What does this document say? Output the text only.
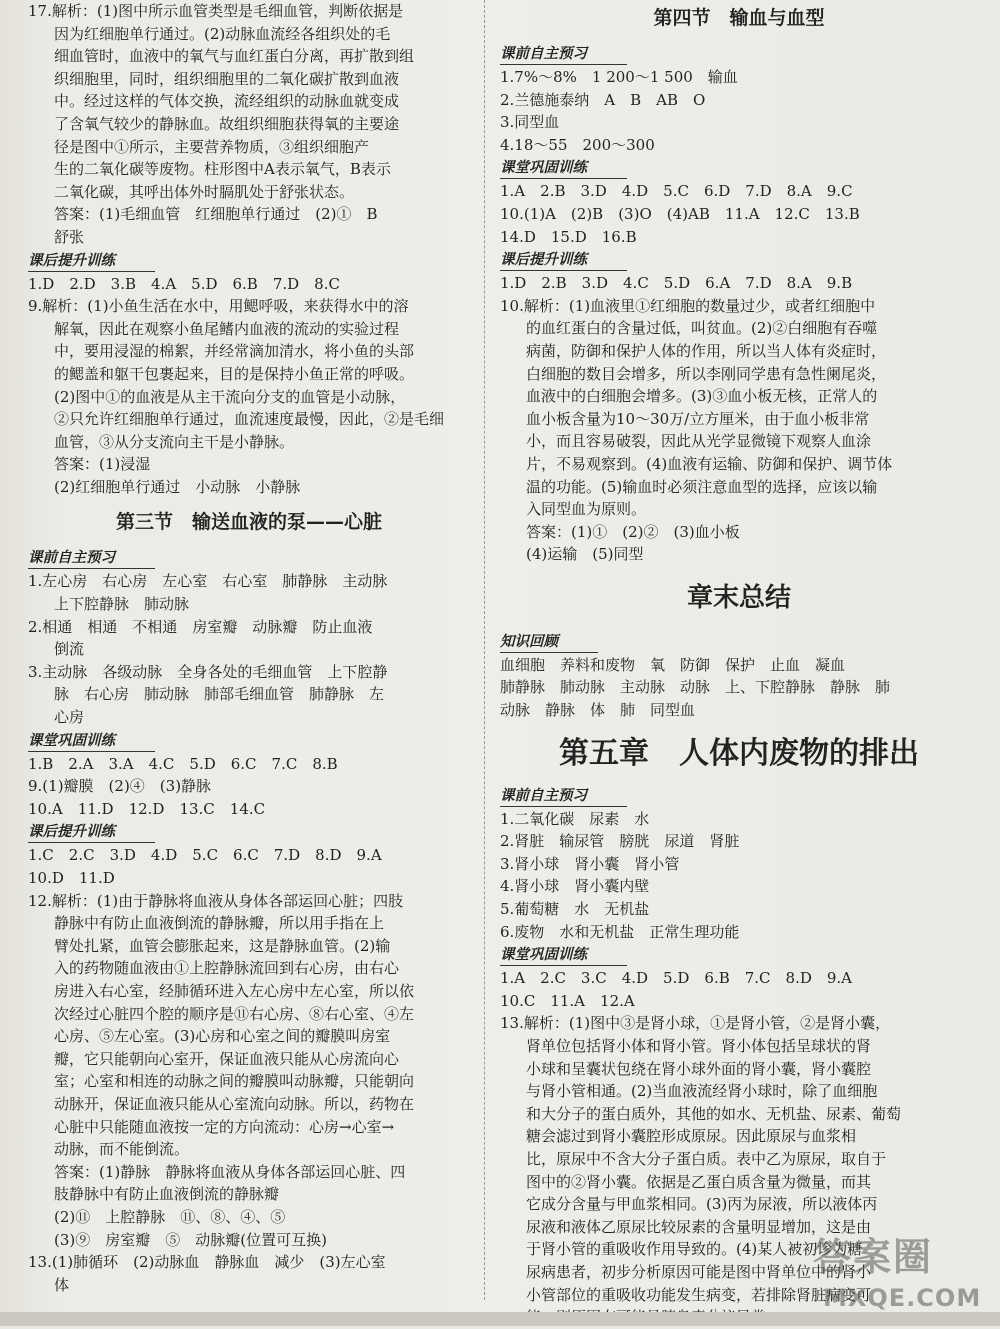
17.解析：(1)图中所示血管类型是毛细血管，判断依据是

因为红细胞单行通过。(2)动脉血流经各组织处的毛

细血管时，血液中的氧气与血红蛋白分离，再扩散到组

织细胞里，同时，组织细胞里的二氧化碳扩散到血液

中。经过这样的气体交换，流经组织的动脉血就变成

了含氧气较少的静脉血。故组织细胞获得氧的主要途

径是图中①所示，主要营养物质，③组织细胞产

生的二氧化碳等废物。柱形图中A表示氧气，B表示

二氧化碳，其呼出体外时膈肌处于舒张状态。

答案：(1)毛细血管　红细胞单行通过　(2)①　B

舒张

课后提升训练

1.D　2.D　3.B　4.A　5.D　6.B　7.D　8.C

9.解析：(1)小鱼生活在水中，用鳃呼吸，来获得水中的溶

解氧，因此在观察小鱼尾鳍内血液的流动的实验过程

中，要用浸湿的棉絮，并经常滴加清水，将小鱼的头部

的鳃盖和躯干包裹起来，目的是保持小鱼正常的呼吸。

(2)图中①的血液是从主干流向分支的血管是小动脉，

②只允许红细胞单行通过，血流速度最慢，因此，②是毛细

血管，③从分支流向主干是小静脉。

答案：(1)浸湿

(2)红细胞单行通过　小动脉　小静脉

第三节　输送血液的泵——心脏
课前自主预习

1.左心房　右心房　左心室　右心室　肺静脉　主动脉

上下腔静脉　肺动脉

2.相通　相通　不相通　房室瓣　动脉瓣　防止血液

倒流

3.主动脉　各级动脉　全身各处的毛细血管　上下腔静

脉　右心房　肺动脉　肺部毛细血管　肺静脉　左

心房

课堂巩固训练

1.B　2.A　3.A　4.C　5.D　6.C　7.C　8.B

9.(1)瓣膜　(2)④　(3)静脉

10.A　11.D　12.D　13.C　14.C

课后提升训练

1.C　2.C　3.D　4.D　5.C　6.C　7.D　8.D　9.A

10.D　11.D

12.解析：(1)由于静脉将血液从身体各部运回心脏；四肢

静脉中有防止血液倒流的静脉瓣，所以用手指在上

臂处扎紧，血管会膨胀起来，这是静脉血管。(2)输

入的药物随血液由①上腔静脉流回到右心房，由右心

房进入右心室，经肺循环进入左心房中左心室，所以依

次经过心脏四个腔的顺序是⑪右心房、⑧右心室、④左

心房、⑤左心室。(3)心房和心室之间的瓣膜叫房室

瓣，它只能朝向心室开，保证血液只能从心房流向心

室；心室和相连的动脉之间的瓣膜叫动脉瓣，只能朝向

动脉开，保证血液只能从心室流向动脉。所以，药物在

心脏中只能随血液按一定的方向流动：心房→心室→

动脉，而不能倒流。

答案：(1)静脉　静脉将血液从身体各部运回心脏、四

肢静脉中有防止血液倒流的静脉瓣

(2)⑪　上腔静脉　⑪、⑧、④、⑤

(3)⑨　房室瓣　⑤　动脉瓣(位置可互换)

13.(1)肺循环　(2)动脉血　静脉血　减少　(3)左心室

体

第四节　输血与血型
课前自主预习

1.7%～8%　1 200～1 500　输血

2.兰德施泰纳　A　B　AB　O

3.同型血

4.18～55　200～300

课堂巩固训练

1.A　2.B　3.D　4.D　5.C　6.D　7.D　8.A　9.C

10.(1)A　(2)B　(3)O　(4)AB　11.A　12.C　13.B

14.D　15.D　16.B

课后提升训练

1.D　2.B　3.D　4.C　5.D　6.A　7.D　8.A　9.B

10.解析：(1)血液里①红细胞的数量过少，或者红细胞中

的血红蛋白的含量过低，叫贫血。(2)②白细胞有吞噬

病菌，防御和保护人体的作用，所以当人体有炎症时，

白细胞的数目会增多，所以李刚同学患有急性阑尾炎，

血液中的白细胞会增多。(3)③血小板无核，正常人的

血小板含量为10～30万/立方厘米，由于血小板非常

小，而且容易破裂，因此从光学显微镜下观察人血涂

片，不易观察到。(4)血液有运输、防御和保护、调节体

温的功能。(5)输血时必须注意血型的选择，应该以输

入同型血为原则。

答案：(1)①　(2)②　(3)血小板

(4)运输　(5)同型

章末总结
知识回顾

血细胞　养料和废物　氧　防御　保护　止血　凝血

肺静脉　肺动脉　主动脉　动脉　上、下腔静脉　静脉　肺

动脉　静脉　体　肺　同型血

第五章　人体内废物的排出
课前自主预习

1.二氧化碳　尿素　水

2.肾脏　输尿管　膀胱　尿道　肾脏

3.肾小球　肾小囊　肾小管

4.肾小球　肾小囊内壁

5.葡萄糖　水　无机盐

6.废物　水和无机盐　正常生理功能

课堂巩固训练

1.A　2.C　3.C　4.D　5.D　6.B　7.C　8.D　9.A

10.C　11.A　12.A

13.解析：(1)图中③是肾小球，①是肾小管，②是肾小囊，

肾单位包括肾小体和肾小管。肾小体包括呈球状的肾

小球和呈囊状包绕在肾小球外面的肾小囊，肾小囊腔

与肾小管相通。(2)当血液流经肾小球时，除了血细胞

和大分子的蛋白质外，其他的如水、无机盐、尿素、葡萄

糖会滤过到肾小囊腔形成原尿。因此原尿与血浆相

比，原尿中不含大分子蛋白质。表中乙为原尿，取自于

图中的②肾小囊。依据是乙蛋白质含量为微量，而其

它成分含量与甲血浆相同。(3)丙为尿液，所以液体丙

尿液和液体乙原尿比较尿素的含量明显增加，这是由

于肾小管的重吸收作用导致的。(4)某人被初诊为糖

尿病患者，初步分析原因可能是图中肾单位中的肾小

小管部位的重吸收功能发生病变，若排除肾脏病变可

答案圈
MXQE.COM
